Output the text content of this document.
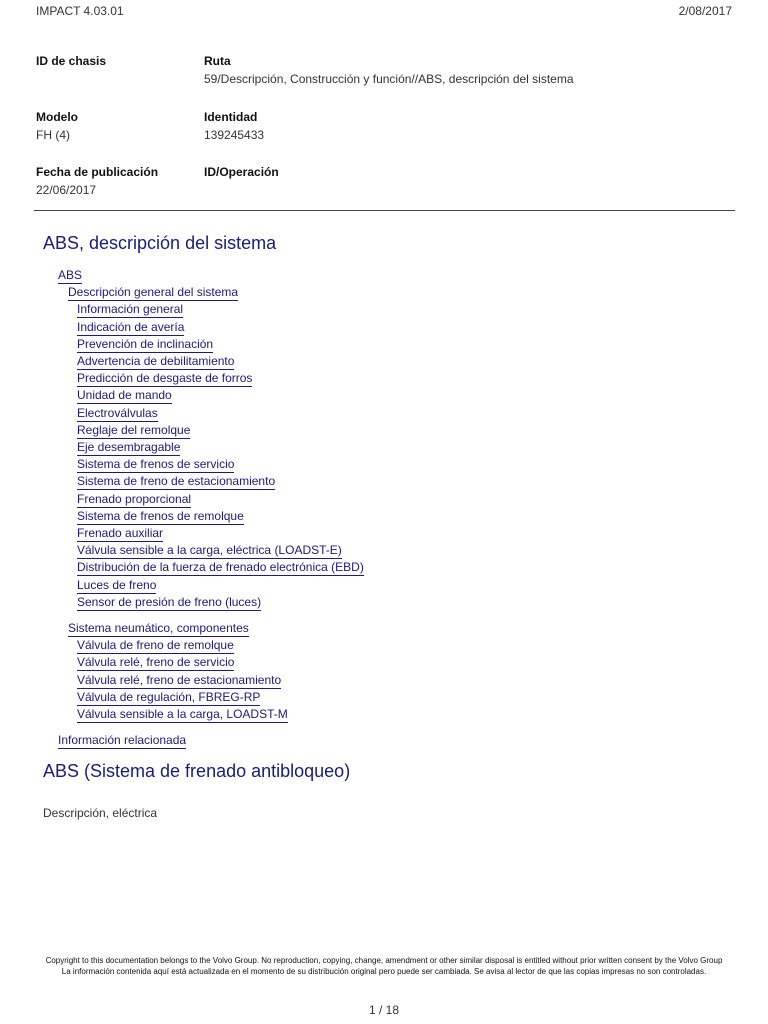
IMPACT 4.03.01	2/08/2017
ID de chasis	Ruta
59/Descripción, Construcción y función//ABS, descripción del sistema
Modelo
FH (4)
Identidad
139245433
Fecha de publicación
22/06/2017
ID/Operación
ABS, descripción del sistema
ABS
Descripción general del sistema
Información general
Indicación de avería
Prevención de inclinación
Advertencia de debilitamiento
Predicción de desgaste de forros
Unidad de mando
Electroválvulas
Reglaje del remolque
Eje desembragable
Sistema de frenos de servicio
Sistema de freno de estacionamiento
Frenado proporcional
Sistema de frenos de remolque
Frenado auxiliar
Válvula sensible a la carga, eléctrica (LOADST-E)
Distribución de la fuerza de frenado electrónica (EBD)
Luces de freno
Sensor de presión de freno (luces)
Sistema neumático, componentes
Válvula de freno de remolque
Válvula relé, freno de servicio
Válvula relé, freno de estacionamiento
Válvula de regulación, FBREG-RP
Válvula sensible a la carga, LOADST-M
Información relacionada
ABS (Sistema de frenado antibloqueo)
Descripción, eléctrica
Copyright to this documentation belongs to the Volvo Group. No reproduction, copying, change, amendment or other similar disposal is entitled without prior written consent by the Volvo Group
La información contenida aquí está actualizada en el momento de su distribución original pero puede ser cambiada. Se avisa al lector de que las copias impresas no son controladas.
1 / 18
